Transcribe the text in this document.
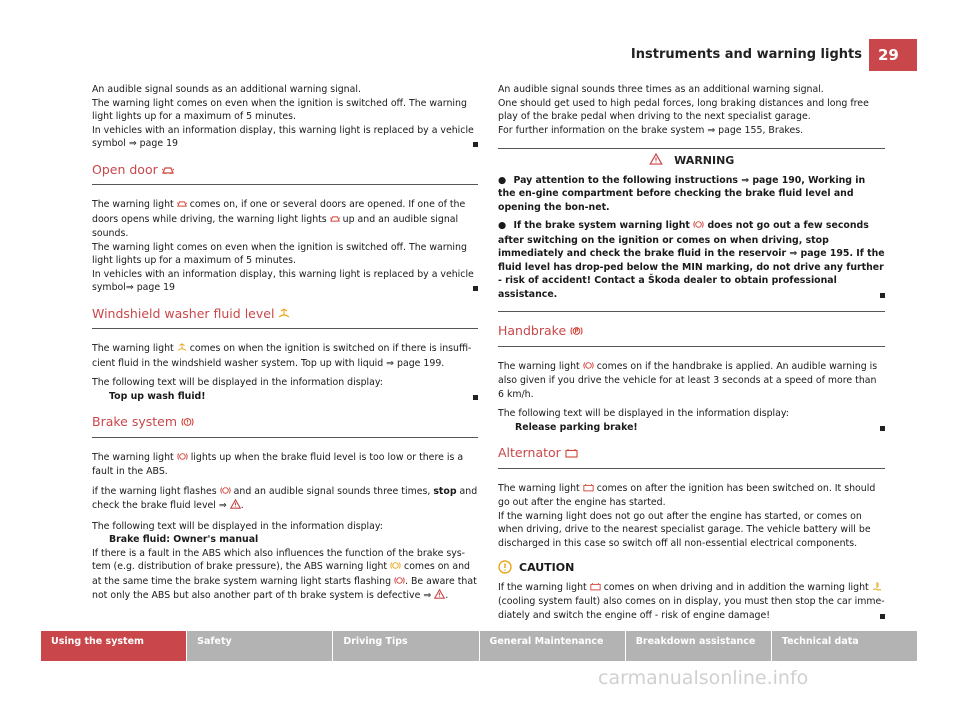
Instruments and warning lights	29

An audible signal sounds as an additional warning signal.

The warning light comes on even when the ignition is switched off. The warning light lights up for a maximum of 5 minutes.

In vehicles with an information display, this warning light is replaced by a vehicle symbol ⇒ page 19

Open door

The warning light comes on, if one or several doors are opened. If one of the doors opens while driving, the warning light lights up and an audible signal sounds.

The warning light comes on even when the ignition is switched off. The warning light lights up for a maximum of 5 minutes.

In vehicles with an information display, this warning light is replaced by a vehicle symbol⇒ page 19

Windshield washer fluid level

The warning light comes on when the ignition is switched on if there is insuffi-cient fluid in the windshield washer system. Top up with liquid ⇒ page 199.

The following text will be displayed in the information display:

Top up wash fluid!

Brake system

The warning light lights up when the brake fluid level is too low or there is a fault in the ABS.

if the warning light flashes and an audible signal sounds three times, stop and check the brake fluid level ⇒ .

The following text will be displayed in the information display:

Brake fluid: Owner's manual

If there is a fault in the ABS which also influences the function of the brake sys-tem (e.g. distribution of brake pressure), the ABS warning light comes on and at the same time the brake system warning light starts flashing . Be aware that not only the ABS but also another part of th brake system is defective ⇒ .

An audible signal sounds three times as an additional warning signal.

One should get used to high pedal forces, long braking distances and long free play of the brake pedal when driving to the next specialist garage.

For further information on the brake system ⇒ page 155, Brakes.

WARNING

● Pay attention to the following instructions ⇒ page 190, Working in the en-gine compartment before checking the brake fluid level and opening the bon-net.

● If the brake system warning light does not go out a few seconds after switching on the ignition or comes on when driving, stop immediately and check the brake fluid in the reservoir ⇒ page 195. If the fluid level has drop-ped below the MIN marking, do not drive any further - risk of accident! Contact a Škoda dealer to obtain professional assistance.

Handbrake

The warning light comes on if the handbrake is applied. An audible warning is also given if you drive the vehicle for at least 3 seconds at a speed of more than 6 km/h.

The following text will be displayed in the information display:

Release parking brake!

Alternator

The warning light comes on after the ignition has been switched on. It should go out after the engine has started.

If the warning light does not go out after the engine has started, or comes on when driving, drive to the nearest specialist garage. The vehicle battery will be discharged in this case so switch off all non-essential electrical components.

CAUTION

If the warning light comes on when driving and in addition the warning light  (cooling system fault) also comes on in display, you must then stop the car imme-diately and switch the engine off - risk of engine damage!

Using the system	Safety	Driving Tips	General Maintenance	Breakdown assistance	Technical data
carmanualsonline.info
